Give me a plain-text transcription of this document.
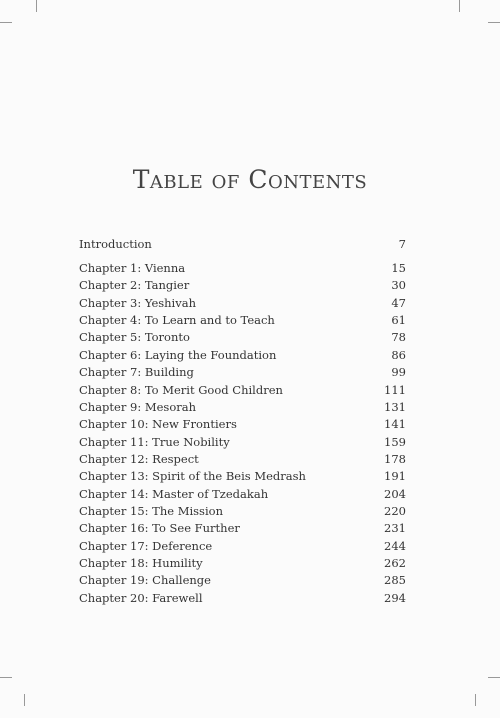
Table of Contents
Introduction	7
Chapter 1: Vienna	15
Chapter 2: Tangier	30
Chapter 3: Yeshivah	47
Chapter 4: To Learn and to Teach	61
Chapter 5: Toronto	78
Chapter 6: Laying the Foundation	86
Chapter 7: Building	99
Chapter 8: To Merit Good Children	111
Chapter 9: Mesorah	131
Chapter 10: New Frontiers	141
Chapter 11: True Nobility	159
Chapter 12: Respect	178
Chapter 13: Spirit of the Beis Medrash	191
Chapter 14: Master of Tzedakah	204
Chapter 15: The Mission	220
Chapter 16: To See Further	231
Chapter 17: Deference	244
Chapter 18: Humility	262
Chapter 19: Challenge	285
Chapter 20: Farewell	294
